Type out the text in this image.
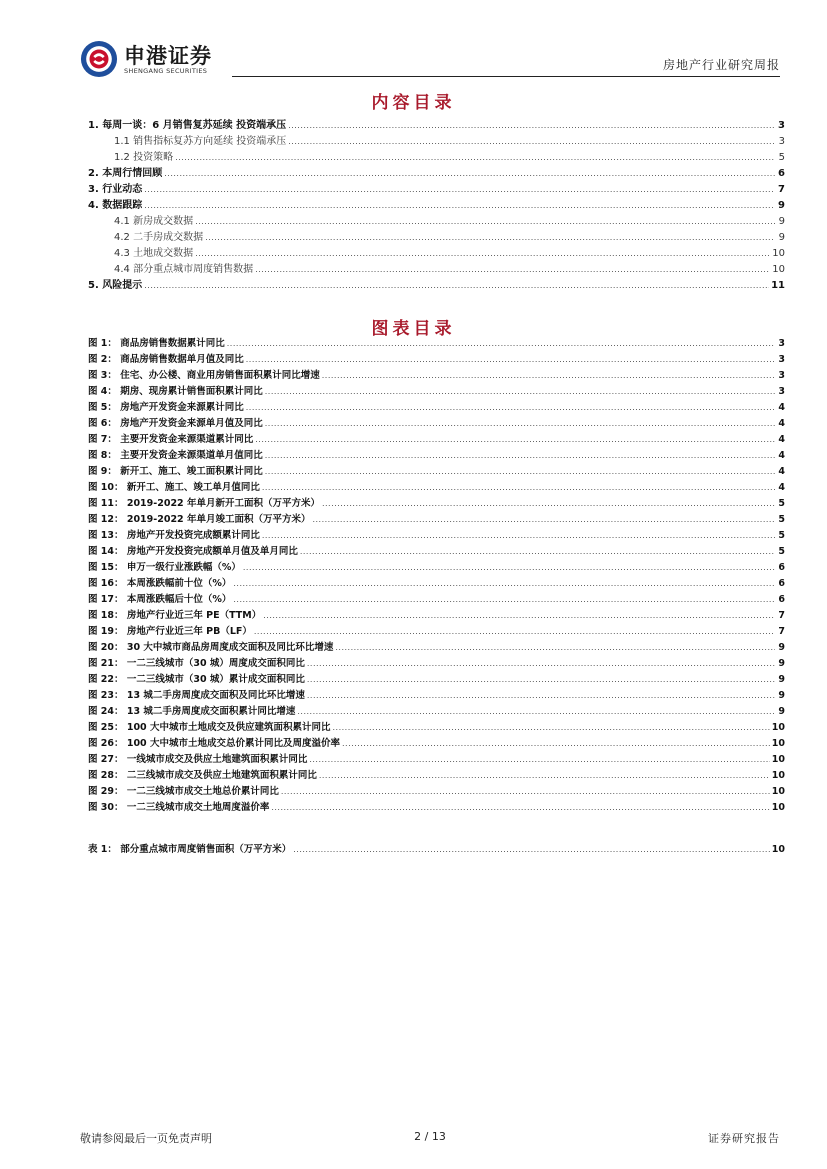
申港证券
SHENGANG SECURITIES	房地产行业研究周报
内容目录
1. 每周一谈：6 月销售复苏延续 投资端承压 .....	3
1.1 销售指标复苏方向延续 投资端承压 .....	3
1.2 投资策略 .....	5
2. 本周行情回顾 .....	6
3. 行业动态 .....	7
4. 数据跟踪 .....	9
4.1 新房成交数据 .....	9
4.2 二手房成交数据 .....	9
4.3 土地成交数据 .....	10
4.4 部分重点城市周度销售数据 .....	10
5. 风险提示 .....	11
图表目录
图 1： 商品房销售数据累计同比 .....	3
图 2： 商品房销售数据单月值及同比 .....	3
图 3： 住宅、办公楼、商业用房销售面积累计同比增速 .....	3
图 4： 期房、现房累计销售面积累计同比 .....	3
图 5： 房地产开发资金来源累计同比 .....	4
图 6： 房地产开发资金来源单月值及同比 .....	4
图 7： 主要开发资金来源渠道累计同比 .....	4
图 8： 主要开发资金来源渠道单月值同比 .....	4
图 9： 新开工、施工、竣工面积累计同比 .....	4
图 10： 新开工、施工、竣工单月值同比 .....	4
图 11： 2019-2022 年单月新开工面积（万平方米） .....	5
图 12： 2019-2022 年单月竣工面积（万平方米） .....	5
图 13： 房地产开发投资完成额累计同比 .....	5
图 14： 房地产开发投资完成额单月值及单月同比 .....	5
图 15： 申万一级行业涨跌幅（%） .....	6
图 16： 本周涨跌幅前十位（%） .....	6
图 17： 本周涨跌幅后十位（%） .....	6
图 18： 房地产行业近三年 PE（TTM） .....	7
图 19： 房地产行业近三年 PB（LF） .....	7
图 20： 30 大中城市商品房周度成交面积及同比环比增速 .....	9
图 21： 一二三线城市（30 城）周度成交面积同比 .....	9
图 22： 一二三线城市（30 城）累计成交面积同比 .....	9
图 23： 13 城二手房周度成交面积及同比环比增速 .....	9
图 24： 13 城二手房周度成交面积累计同比增速 .....	9
图 25： 100 大中城市土地成交及供应建筑面积累计同比 .....	10
图 26： 100 大中城市土地成交总价累计同比及周度溢价率 .....	10
图 27： 一线城市成交及供应土地建筑面积累计同比 .....	10
图 28： 二三线城市成交及供应土地建筑面积累计同比 .....	10
图 29： 一二三线城市成交土地总价累计同比 .....	10
图 30： 一二三线城市成交土地周度溢价率 .....	10
表 1： 部分重点城市周度销售面积（万平方米） .....	10
敬请参阅最后一页免责声明	2 / 13	证券研究报告
